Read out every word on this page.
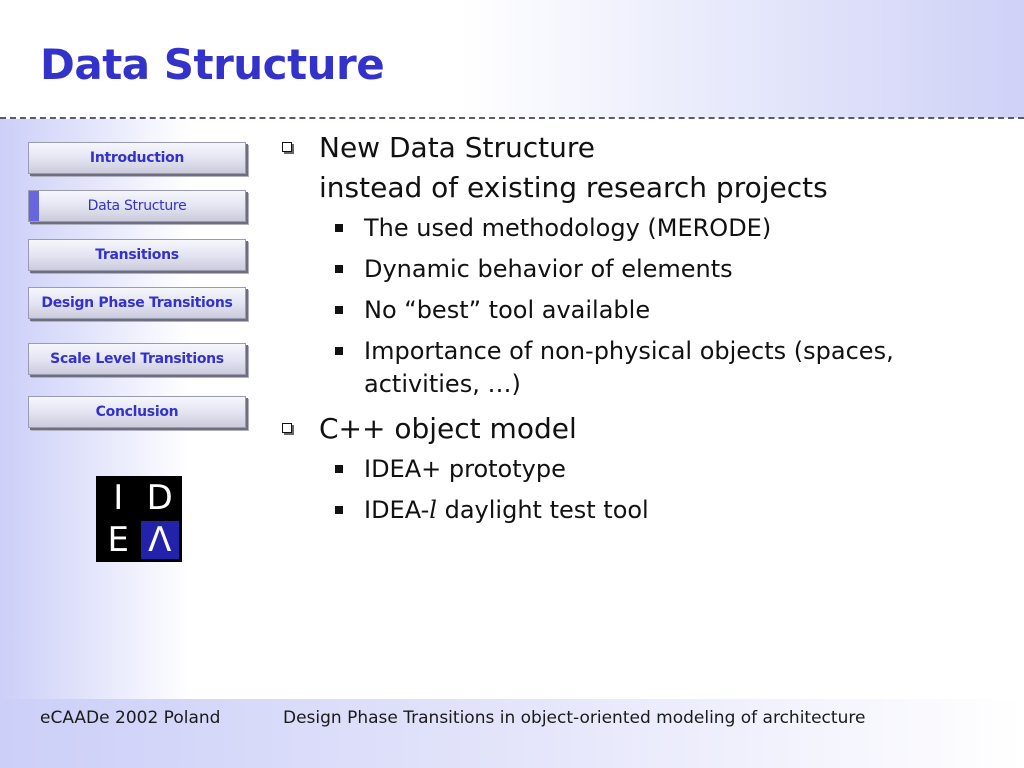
Data Structure
Introduction
Data Structure
Transitions
Design Phase Transitions
Scale Level Transitions
Conclusion
I D
E Λ
New Data Structure
instead of existing research projects
The used methodology (MERODE)
Dynamic behavior of elements
No “best” tool available
Importance of non-physical objects (spaces,
activities, …)
C++ object model
IDEA+ prototype
IDEA-l daylight test tool
eCAADe 2002 Poland	Design Phase Transitions in object-oriented modeling of architecture
